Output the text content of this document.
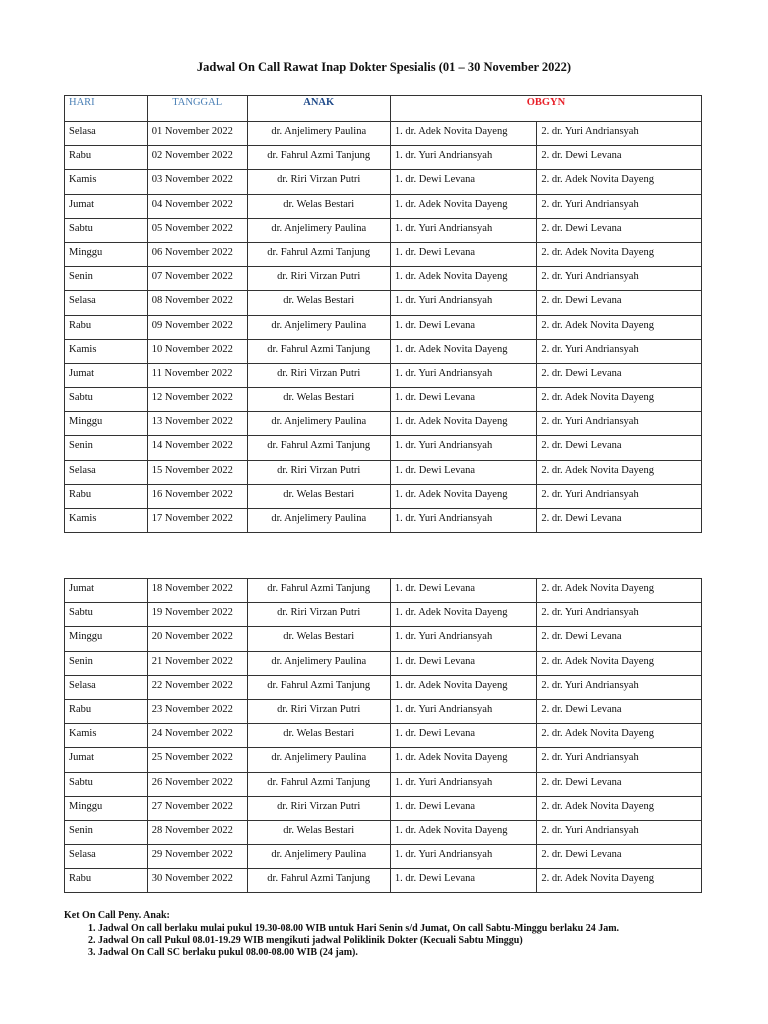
Jadwal On Call Rawat Inap Dokter Spesialis (01 – 30 November 2022)
HARI	TANGGAL	ANAK	OBGYN	
Selasa	01 November 2022	dr. Anjelimery Paulina	1. dr. Adek Novita Dayeng	2. dr. Yuri Andriansyah
Rabu	02 November 2022	dr. Fahrul Azmi Tanjung	1. dr. Yuri Andriansyah	2. dr. Dewi Levana
Kamis	03 November 2022	dr. Riri Virzan Putri	1. dr. Dewi Levana	2. dr. Adek Novita Dayeng
Jumat	04 November 2022	dr. Welas Bestari	1. dr. Adek Novita Dayeng	2. dr. Yuri Andriansyah
Sabtu	05 November 2022	dr. Anjelimery Paulina	1. dr. Yuri Andriansyah	2. dr. Dewi Levana
Minggu	06 November 2022	dr. Fahrul Azmi Tanjung	1. dr. Dewi Levana	2. dr. Adek Novita Dayeng
Senin	07 November 2022	dr. Riri Virzan Putri	1. dr. Adek Novita Dayeng	2. dr. Yuri Andriansyah
Selasa	08 November 2022	dr. Welas Bestari	1. dr. Yuri Andriansyah	2. dr. Dewi Levana
Rabu	09 November 2022	dr. Anjelimery Paulina	1. dr. Dewi Levana	2. dr. Adek Novita Dayeng
Kamis	10 November 2022	dr. Fahrul Azmi Tanjung	1. dr. Adek Novita Dayeng	2. dr. Yuri Andriansyah
Jumat	11 November 2022	dr. Riri Virzan Putri	1. dr. Yuri Andriansyah	2. dr. Dewi Levana
Sabtu	12 November 2022	dr. Welas Bestari	1. dr. Dewi Levana	2. dr. Adek Novita Dayeng
Minggu	13 November 2022	dr. Anjelimery Paulina	1. dr. Adek Novita Dayeng	2. dr. Yuri Andriansyah
Senin	14 November 2022	dr. Fahrul Azmi Tanjung	1. dr. Yuri Andriansyah	2. dr. Dewi Levana
Selasa	15 November 2022	dr. Riri Virzan Putri	1. dr. Dewi Levana	2. dr. Adek Novita Dayeng
Rabu	16 November 2022	dr. Welas Bestari	1. dr. Adek Novita Dayeng	2. dr. Yuri Andriansyah
Kamis	17 November 2022	dr. Anjelimery Paulina	1. dr. Yuri Andriansyah	2. dr. Dewi Levana
Jumat	18 November 2022	dr. Fahrul Azmi Tanjung	1. dr. Dewi Levana	2. dr. Adek Novita Dayeng
Sabtu	19 November 2022	dr. Riri Virzan Putri	1. dr. Adek Novita Dayeng	2. dr. Yuri Andriansyah
Minggu	20 November 2022	dr. Welas Bestari	1. dr. Yuri Andriansyah	2. dr. Dewi Levana
Senin	21 November 2022	dr. Anjelimery Paulina	1. dr. Dewi Levana	2. dr. Adek Novita Dayeng
Selasa	22 November 2022	dr. Fahrul Azmi Tanjung	1. dr. Adek Novita Dayeng	2. dr. Yuri Andriansyah
Rabu	23 November 2022	dr. Riri Virzan Putri	1. dr. Yuri Andriansyah	2. dr. Dewi Levana
Kamis	24 November 2022	dr. Welas Bestari	1. dr. Dewi Levana	2. dr. Adek Novita Dayeng
Jumat	25 November 2022	dr. Anjelimery Paulina	1. dr. Adek Novita Dayeng	2. dr. Yuri Andriansyah
Sabtu	26 November 2022	dr. Fahrul Azmi Tanjung	1. dr. Yuri Andriansyah	2. dr. Dewi Levana
Minggu	27 November 2022	dr. Riri Virzan Putri	1. dr. Dewi Levana	2. dr. Adek Novita Dayeng
Senin	28 November 2022	dr. Welas Bestari	1. dr. Adek Novita Dayeng	2. dr. Yuri Andriansyah
Selasa	29 November 2022	dr. Anjelimery Paulina	1. dr. Yuri Andriansyah	2. dr. Dewi Levana
Rabu	30 November 2022	dr. Fahrul Azmi Tanjung	1. dr. Dewi Levana	2. dr. Adek Novita Dayeng
Ket On Call Peny. Anak:
1. Jadwal On call berlaku mulai pukul 19.30-08.00 WIB untuk Hari Senin s/d Jumat, On call Sabtu-Minggu berlaku 24 Jam.
2. Jadwal On call Pukul 08.01-19.29 WIB mengikuti jadwal Poliklinik Dokter (Kecuali Sabtu Minggu)
3. Jadwal On Call SC berlaku pukul 08.00-08.00 WIB (24 jam).
